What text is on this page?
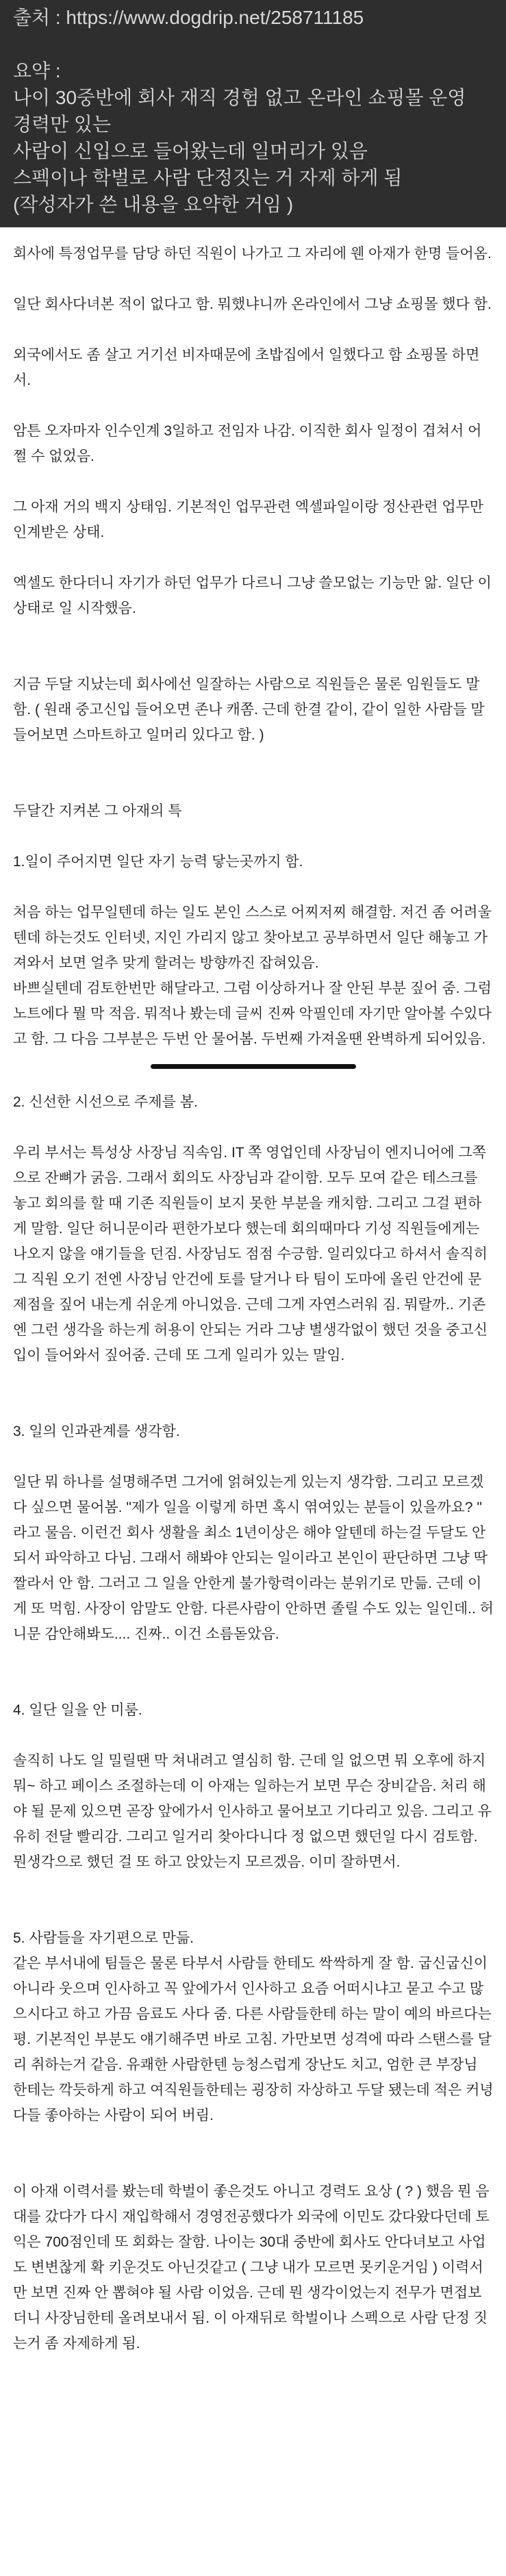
출처 : https://www.dogdrip.net/258711185
요약 :
나이 30중반에 회사 재직 경험 없고 온라인 쇼핑몰 운영 경력만 있는
사람이 신입으로 들어왔는데 일머리가 있음
스펙이나 학벌로 사람 단정짓는 거 자제 하게 됨
(작성자가 쓴 내용을 요약한 거임 )

회사에 특정업무를 담당 하던 직원이 나가고 그 자리에 웬 아재가 한명 들어옴.

일단 회사다녀본 적이 없다고 함. 뭐했냐니까 온라인에서 그냥 쇼핑몰 했다 함.

외국에서도 좀 살고 거기선 비자때문에 초밥집에서 일했다고 함 쇼핑몰 하면서.

암튼 오자마자 인수인계 3일하고 전임자 나감. 이직한 회사 일정이 겹쳐서 어쩔 수 없었음.

그 아재 거의 백지 상태임. 기본적인 업무관련 엑셀파일이랑 정산관련 업무만 인계받은 상태.

엑셀도 한다더니 자기가 하던 업무가 다르니 그냥 쓸모없는 기능만 앎. 일단 이 상태로 일 시작했음.

지금 두달 지났는데 회사에선 일잘하는 사람으로 직원들은 물론 임원들도 말함. ( 원래 중고신입 들어오면 존나 캐쫌. 근데 한결 같이, 같이 일한 사람들 말 들어보면 스마트하고 일머리 있다고 함. )

두달간 지켜본 그 아재의 특
1.일이 주어지면 일단 자기 능력 닿는곳까지 함.

처음 하는 업무일텐데 하는 일도 본인 스스로 어찌저찌 해결함. 저건 좀 어려울텐데 하는것도 인터넷, 지인 가리지 않고 찾아보고 공부하면서 일단 해놓고 가져와서 보면 얼추 맞게 할려는 방향까진 잡혀있음.

바쁘실텐데 검토한번만 해달라고. 그럼 이상하거나 잘 안된 부분 짚어 줌. 그럼 노트에다 뭘 막 적음. 뭐적나 봤는데 글씨 진짜 악필인데 자기만 알아볼 수있다고 함. 그 다음 그부분은 두번 안 물어봄. 두번째 가져올땐 완벽하게 되어있음.

2. 신선한 시선으로 주제를 봄.

우리 부서는 특성상 사장님 직속임. IT 쪽 영업인데 사장님이 엔지니어에 그쪽으로 잔뼈가 굵음. 그래서 회의도 사장님과 같이함. 모두 모여 같은 테스크를 놓고 회의를 할 때 기존 직원들이 보지 못한 부분을 캐치함. 그리고 그걸 편하게 말함. 일단 허니문이라 편한가보다 했는데 회의때마다 기성 직원들에게는 나오지 않을 얘기들을 던짐. 사장님도 점점 수긍함. 일리있다고 하셔서 솔직히 그 직원 오기 전엔 사장님 안건에 토를 달거나 타 팀이 도마에 올린 안건에 문제점을 짚어 내는게 쉬운게 아니었음. 근데 그게 자연스러워 짐. 뭐랄까.. 기존엔 그런 생각을 하는게 허용이 안되는 거라 그냥 별생각없이 했던 것을 중고신입이 들어와서 짚어줌. 근데 또 그게 일리가 있는 말임.

3. 일의 인과관계를 생각함.

일단 뭐 하나를 설명해주면 그거에 얽혀있는게 있는지 생각함. 그리고 모르겠다 싶으면 물어봄. "제가 일을 이렇게 하면 혹시 엮여있는 분들이 있을까요? " 라고 물음. 이런건 회사 생활을 최소 1년이상은 해야 알텐데 하는걸 두달도 안되서 파악하고 다님. 그래서 해봐야 안되는 일이라고 본인이 판단하면 그냥 딱 짤라서 안 함. 그러고 그 일을 안한게 불가항력이라는 분위기로 만듦. 근데 이게 또 먹힘. 사장이 암말도 안함. 다른사람이 안하면 졸릴 수도 있는 일인데.. 허니문 감안해봐도.... 진짜.. 이건 소름돋았음.

4. 일단 일을 안 미룸.

솔직히 나도 일 밀릴땐 막 쳐내려고 열심히 함. 근데 일 없으면 뭐 오후에 하지뭐~ 하고 페이스 조절하는데 이 아재는 일하는거 보면 무슨 장비같음. 처리 해야 될 문제 있으면 곧장 앞에가서 인사하고 물어보고 기다리고 있음. 그리고 유유히 전달 빨리감. 그리고 일거리 찾아다니다 정 없으면 했던일 다시 검토함. 뭔생각으로 했던 걸 또 하고 앉았는지 모르겠음. 이미 잘하면서.

5. 사람들을 자기편으로 만듦.

같은 부서내에 팀들은 물론 타부서 사람들 한테도 싹싹하게 잘 함. 굽신굽신이 아니라 웃으며 인사하고 꼭 앞에가서 인사하고 요즘 어떠시냐고 묻고 수고 많으시다고 하고 가끔 음료도 사다 줌. 다른 사람들한테 하는 말이 예의 바르다는 평. 기본적인 부분도 얘기해주면 바로 고침. 가만보면 성격에 따라 스탠스를 달리 취하는거 같음. 유쾌한 사람한텐 능청스럽게 장난도 치고, 엄한 큰 부장님 한테는 깍듯하게 하고 여직원들한테는 굉장히 자상하고 두달 됐는데 적은 커녕 다들 좋아하는 사람이 되어 버림.

이 아재 이력서를 봤는데 학벌이 좋은것도 아니고 경력도 요상 ( ? ) 했음 뭔 음대를 갔다가 다시 재입학해서 경영전공했다가 외국에 이민도 갔다왔다던데 토익은 700점인데 또 회화는 잘함. 나이는 30대 중반에 회사도 안다녀보고 사업도 변변찮게 확 키운것도 아닌것같고 ( 그냥 내가 모르면 못키운거임 ) 이력서만 보면 진짜 안 뽑혀야 될 사람 이었음. 근데 뭔 생각이었는지 전무가 면접보더니 사장님한테 올려보내서 됨. 이 아재뒤로 학벌이나 스펙으로 사람 단정 짓는거 좀 자제하게 됨.
